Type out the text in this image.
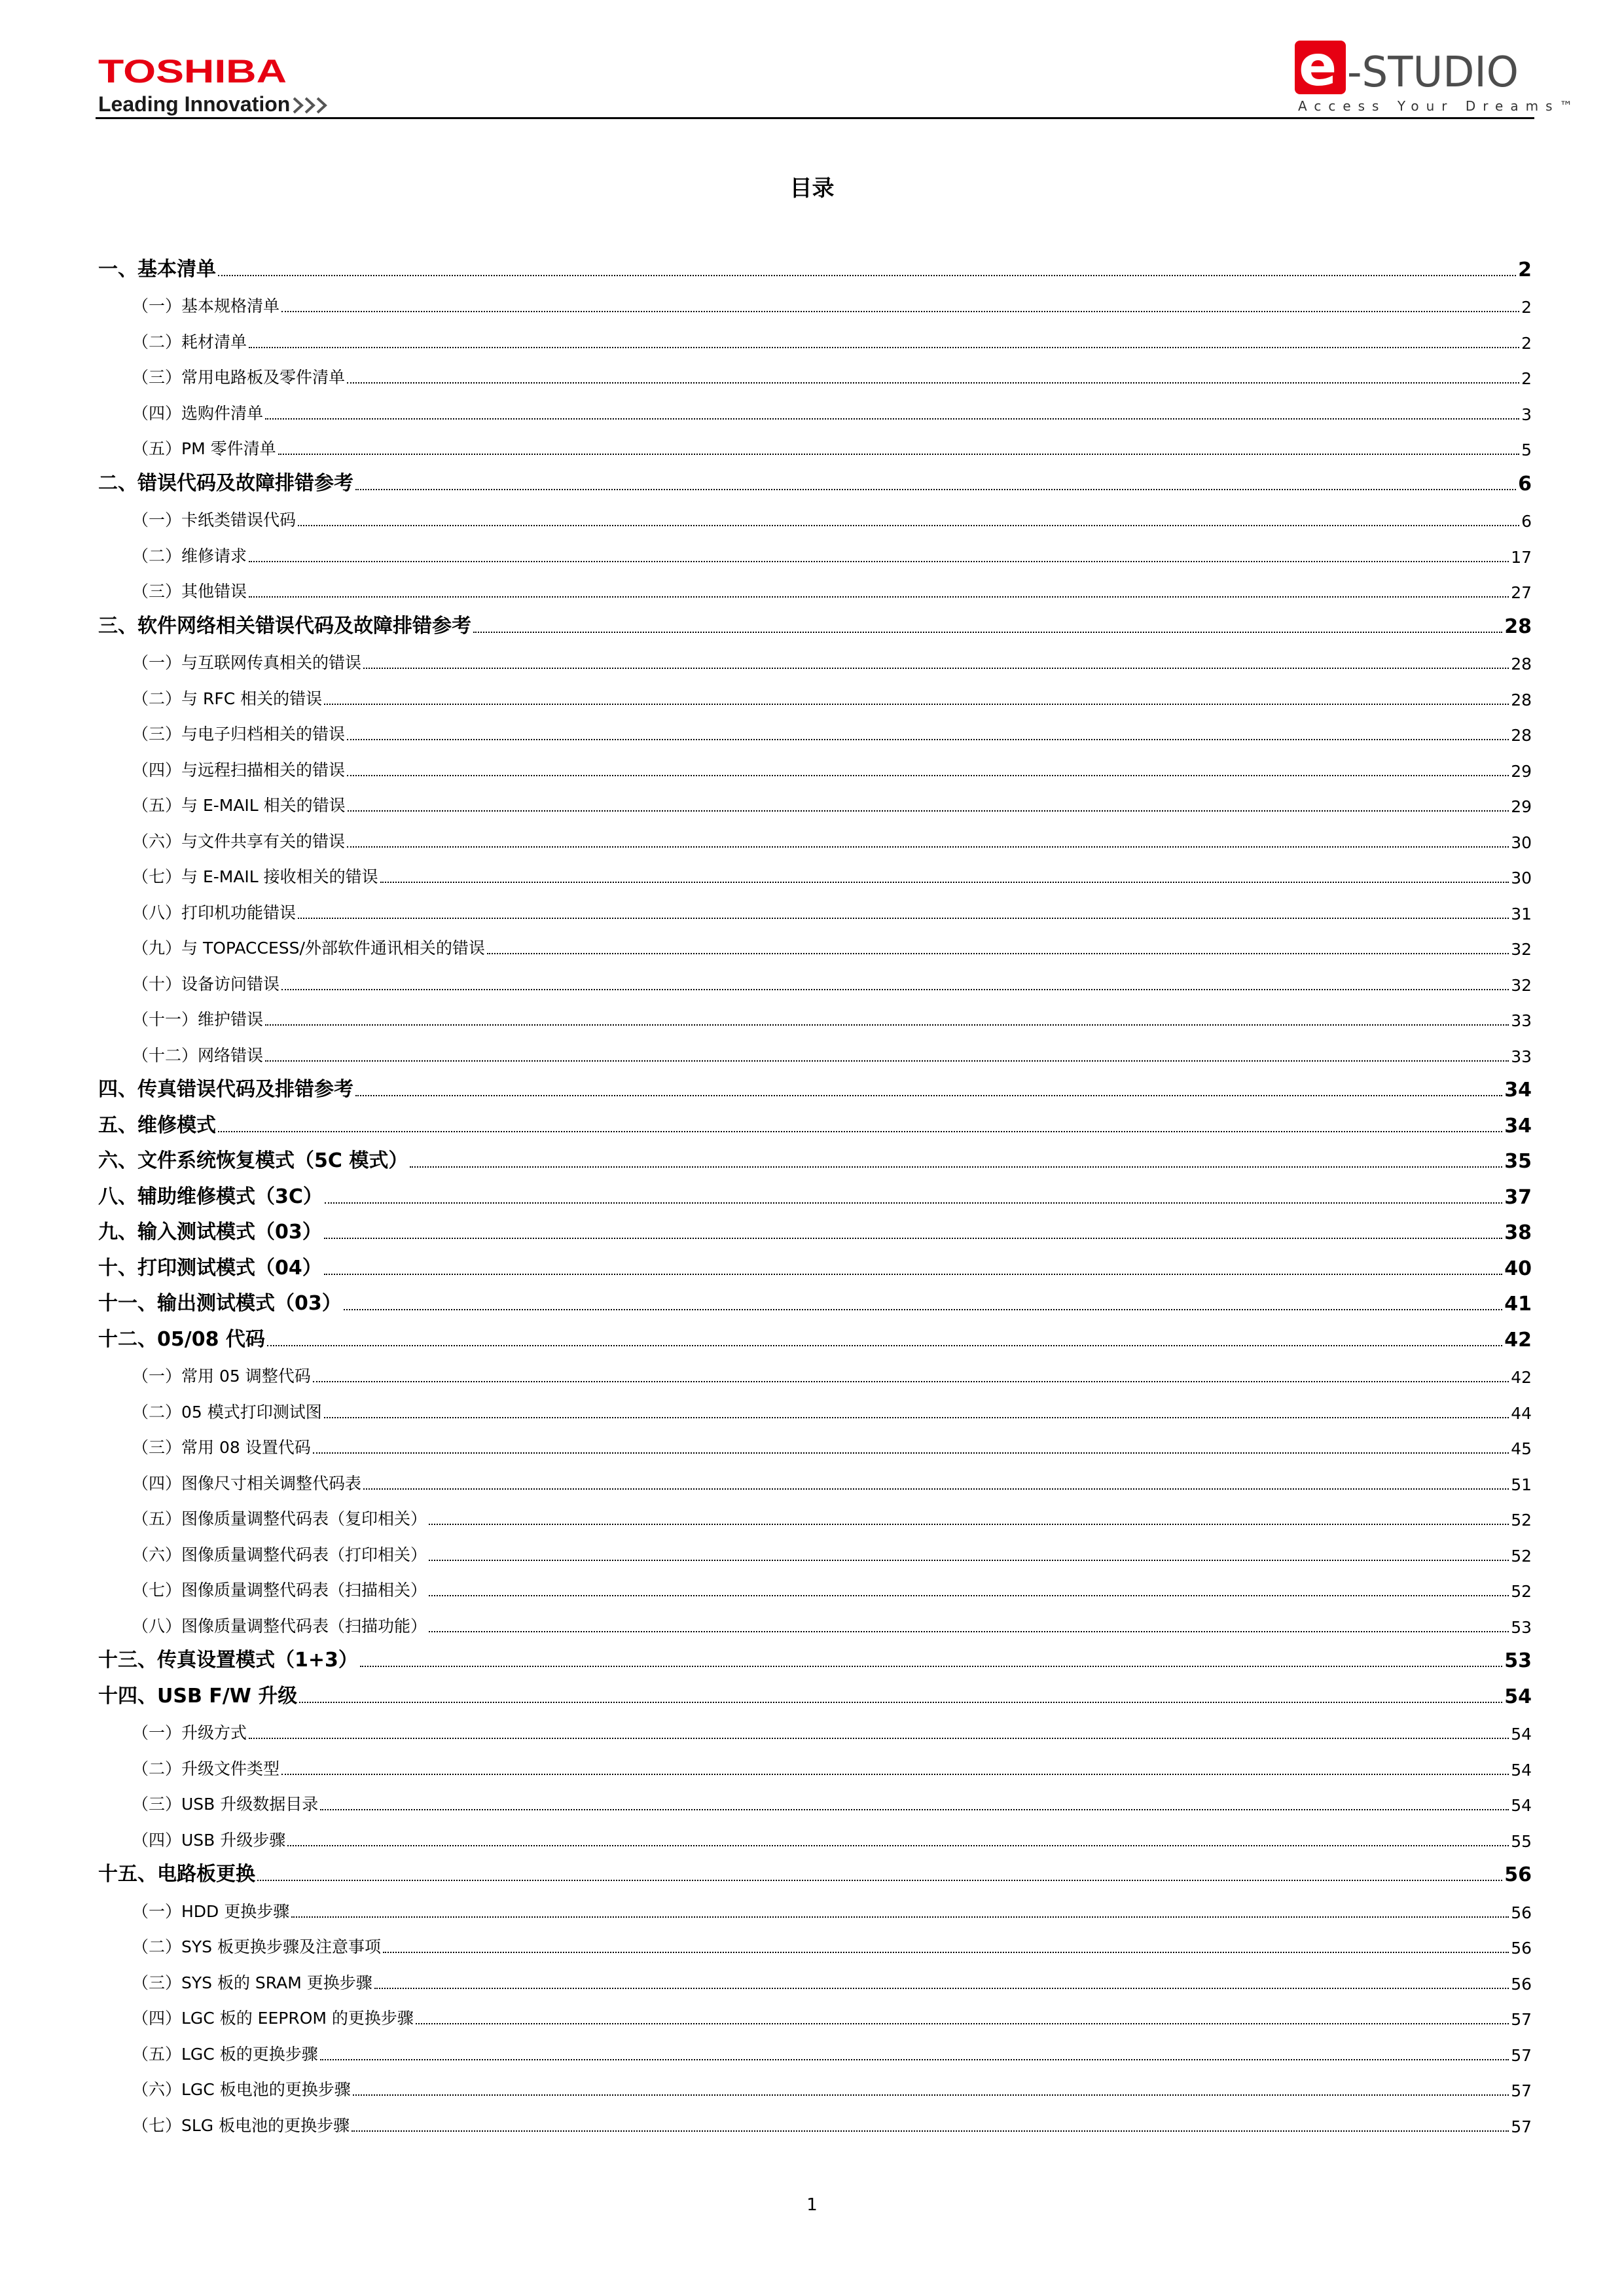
TOSHIBA
Leading Innovation
e -STUDIO
Access Your Dreams™
目录
一、基本清单	2
（一）基本规格清单	2
（二）耗材清单	2
（三）常用电路板及零件清单	2
（四）选购件清单	3
（五）PM 零件清单	5
二、错误代码及故障排错参考	6
（一）卡纸类错误代码	6
（二）维修请求	17
（三）其他错误	27
三、软件网络相关错误代码及故障排错参考	28
（一）与互联网传真相关的错误	28
（二）与 RFC 相关的错误	28
（三）与电子归档相关的错误	28
（四）与远程扫描相关的错误	29
（五）与 E-MAIL 相关的错误	29
（六）与文件共享有关的错误	30
（七）与 E-MAIL 接收相关的错误	30
（八）打印机功能错误	31
（九）与 TOPACCESS/外部软件通讯相关的错误	32
（十）设备访问错误	32
（十一）维护错误	33
（十二）网络错误	33
四、传真错误代码及排错参考	34
五、维修模式	34
六、文件系统恢复模式（5C 模式）	35
八、辅助维修模式（3C）	37
九、输入测试模式（03）	38
十、打印测试模式（04）	40
十一、输出测试模式（03）	41
十二、05/08 代码	42
（一）常用 05 调整代码	42
（二）05 模式打印测试图	44
（三）常用 08 设置代码	45
（四）图像尺寸相关调整代码表	51
（五）图像质量调整代码表（复印相关）	52
（六）图像质量调整代码表（打印相关）	52
（七）图像质量调整代码表（扫描相关）	52
（八）图像质量调整代码表（扫描功能）	53
十三、传真设置模式（1+3）	53
十四、USB F/W 升级	54
（一）升级方式	54
（二）升级文件类型	54
（三）USB 升级数据目录	54
（四）USB 升级步骤	55
十五、电路板更换	56
（一）HDD 更换步骤	56
（二）SYS 板更换步骤及注意事项	56
（三）SYS 板的 SRAM 更换步骤	56
（四）LGC 板的 EEPROM 的更换步骤	57
（五）LGC 板的更换步骤	57
（六）LGC 板电池的更换步骤	57
（七）SLG 板电池的更换步骤	57
1
